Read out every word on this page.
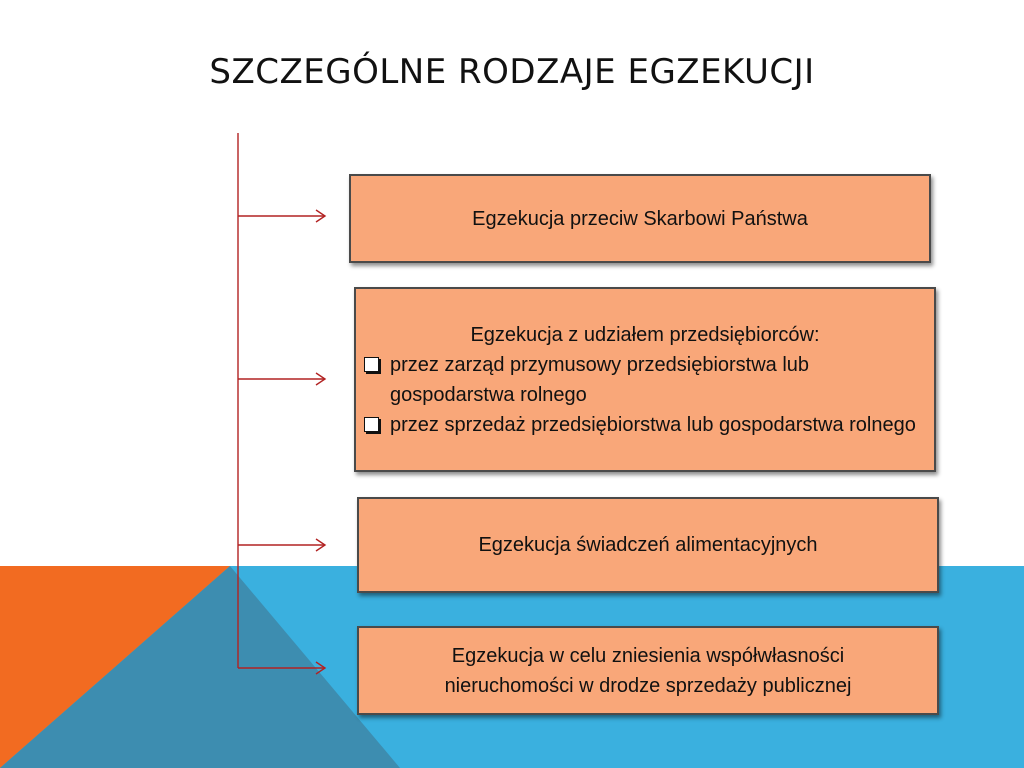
SZCZEGÓLNE RODZAJE EGZEKUCJI
Egzekucja przeciw Skarbowi Państwa
Egzekucja z udziałem przedsiębiorców:
przez zarząd przymusowy przedsiębiorstwa lub gospodarstwa rolnego
przez sprzedaż przedsiębiorstwa lub gospodarstwa rolnego
Egzekucja świadczeń alimentacyjnych
Egzekucja w celu zniesienia współwłasności nieruchomości w drodze sprzedaży publicznej
